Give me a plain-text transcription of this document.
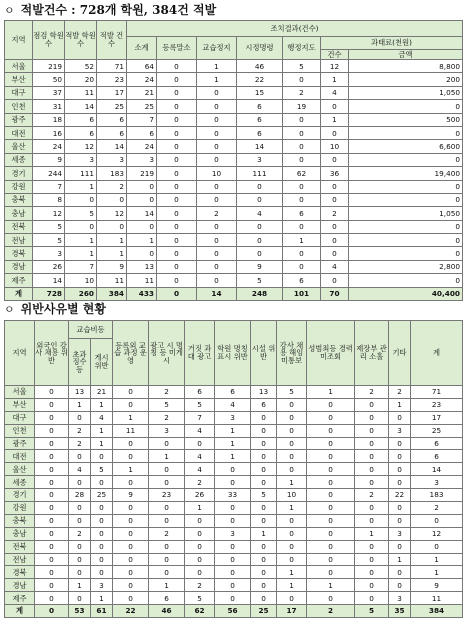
ㅇ 적발건수 : 728개 학원, 384건 적발
지역	점검 학원수	적발 학원수	적발 건수	조치결과(건수)						
				소계	등록말소	교습정지	시정명령	행정지도	과태료(천원)	
									건수	금액
서울	219	52	71	64	0	1	46	5	12	8,800
부산	50	20	23	24	0	1	22	0	1	200
대구	37	11	17	21	0	0	15	2	4	1,050
인천	31	14	25	25	0	0	6	19	0	0
광주	18	6	6	7	0	0	6	0	1	500
대전	16	6	6	6	0	0	6	0	0	0
울산	24	12	14	24	0	0	14	0	10	6,600
세종	9	3	3	3	0	0	3	0	0	0
경기	244	111	183	219	0	10	111	62	36	19,400
강원	7	1	2	0	0	0	0	0	0	0
충북	8	0	0	0	0	0	0	0	0	0
충남	12	5	12	14	0	2	4	6	2	1,050
전북	5	0	0	0	0	0	0	0	0	0
전남	5	1	1	1	0	0	0	1	0	0
경북	3	1	1	0	0	0	0	0	0	0
경남	26	7	9	13	0	0	9	0	4	2,800
제주	14	10	11	11	0	0	5	6	0	0
계	728	260	384	433	0	14	248	101	70	40,400
ㅇ 위반사유별 현황
지역	외국인 강사 채용 위반	교습비등		등록외 교습 과정 운영	광고 시 명칭 등 미게시	거짓 과대 광고	학원 명칭 표시 위반	시설 위반	강사 채용 해임 미통보	성범죄등 경력 미조회	제장부 관리 소홀	기타	계

		초과 징수 등	게시 위반										

서울	0	13	21	0	2	6	6	13	5	1	2	2	71
부산	0	1	1	0	5	5	4	6	0	0	0	1	23
대구	0	0	4	1	2	7	3	0	0	0	0	0	17
인천	0	2	1	11	3	4	1	0	0	0	0	3	25
광주	0	2	1	0	0	0	1	0	0	0	0	0	6
대전	0	0	0	0	1	4	1	0	0	0	0	0	6
울산	0	4	5	1	0	4	0	0	0	0	0	0	14
세종	0	0	0	0	0	2	0	0	1	0	0	0	3
경기	0	28	25	9	23	26	33	5	10	0	2	22	183
강원	0	0	0	0	0	1	0	0	1	0	0	0	2
충북	0	0	0	0	0	0	0	0	0	0	0	0	0
충남	0	2	0	0	2	0	3	1	0	0	1	3	12
전북	0	0	0	0	0	0	0	0	0	0	0	0	0
전남	0	0	0	0	0	0	0	0	0	0	0	1	1
경북	0	0	0	0	0	0	0	0	1	0	0	0	1
경남	0	1	3	0	1	2	0	0	1	1	0	0	9
제주	0	0	1	0	6	5	0	0	0	0	0	3	11
계	0	53	61	22	46	62	56	25	17	2	5	35	384
